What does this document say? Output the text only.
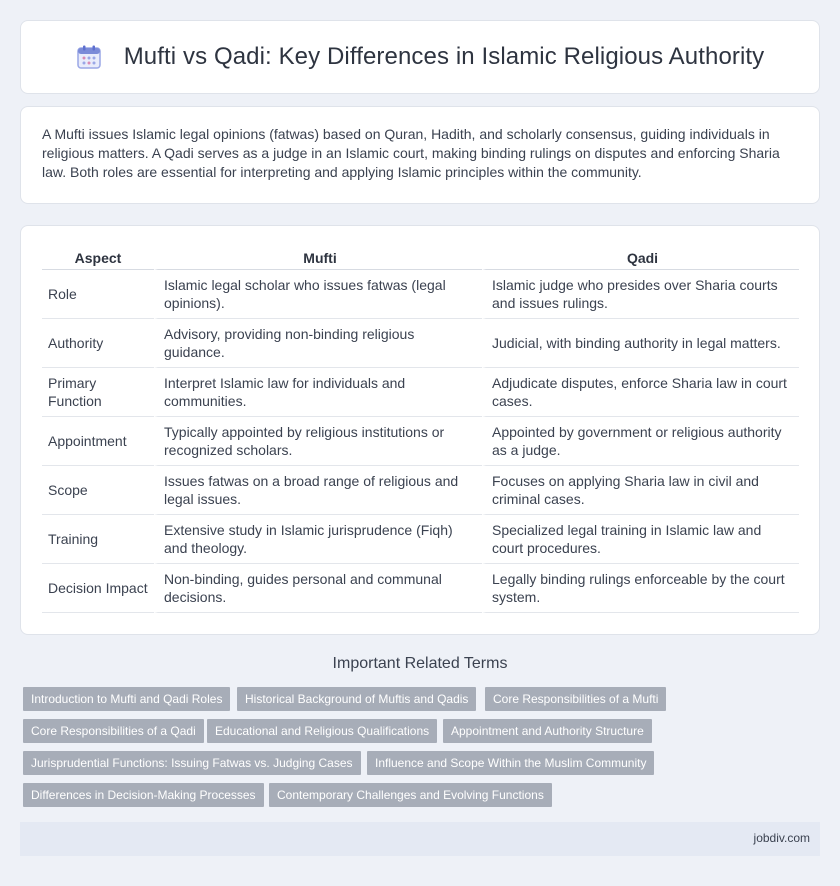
Mufti vs Qadi: Key Differences in Islamic Religious Authority

A Mufti issues Islamic legal opinions (fatwas) based on Quran, Hadith, and scholarly consensus, guiding individuals in religious matters. A Qadi serves as a judge in an Islamic court, making binding rulings on disputes and enforcing Sharia law. Both roles are essential for interpreting and applying Islamic principles within the community.

Aspect	Mufti	Qadi
Role	Islamic legal scholar who issues fatwas (legal opinions).	Islamic judge who presides over Sharia courts and issues rulings.
Authority	Advisory, providing non-binding religious guidance.	Judicial, with binding authority in legal matters.
Primary Function	Interpret Islamic law for individuals and communities.	Adjudicate disputes, enforce Sharia law in court cases.
Appointment	Typically appointed by religious institutions or recognized scholars.	Appointed by government or religious authority as a judge.
Scope	Issues fatwas on a broad range of religious and legal issues.	Focuses on applying Sharia law in civil and criminal cases.
Training	Extensive study in Islamic jurisprudence (Fiqh) and theology.	Specialized legal training in Islamic law and court procedures.
Decision Impact	Non-binding, guides personal and communal decisions.	Legally binding rulings enforceable by the court system.
Important Related Terms
Introduction to Mufti and Qadi Roles	Historical Background of Muftis and Qadis	Core Responsibilities of a Mufti
Core Responsibilities of a Qadi	Educational and Religious Qualifications	Appointment and Authority Structure
Jurisprudential Functions: Issuing Fatwas vs. Judging Cases	Influence and Scope Within the Muslim Community
Differences in Decision-Making Processes	Contemporary Challenges and Evolving Functions
jobdiv.com
